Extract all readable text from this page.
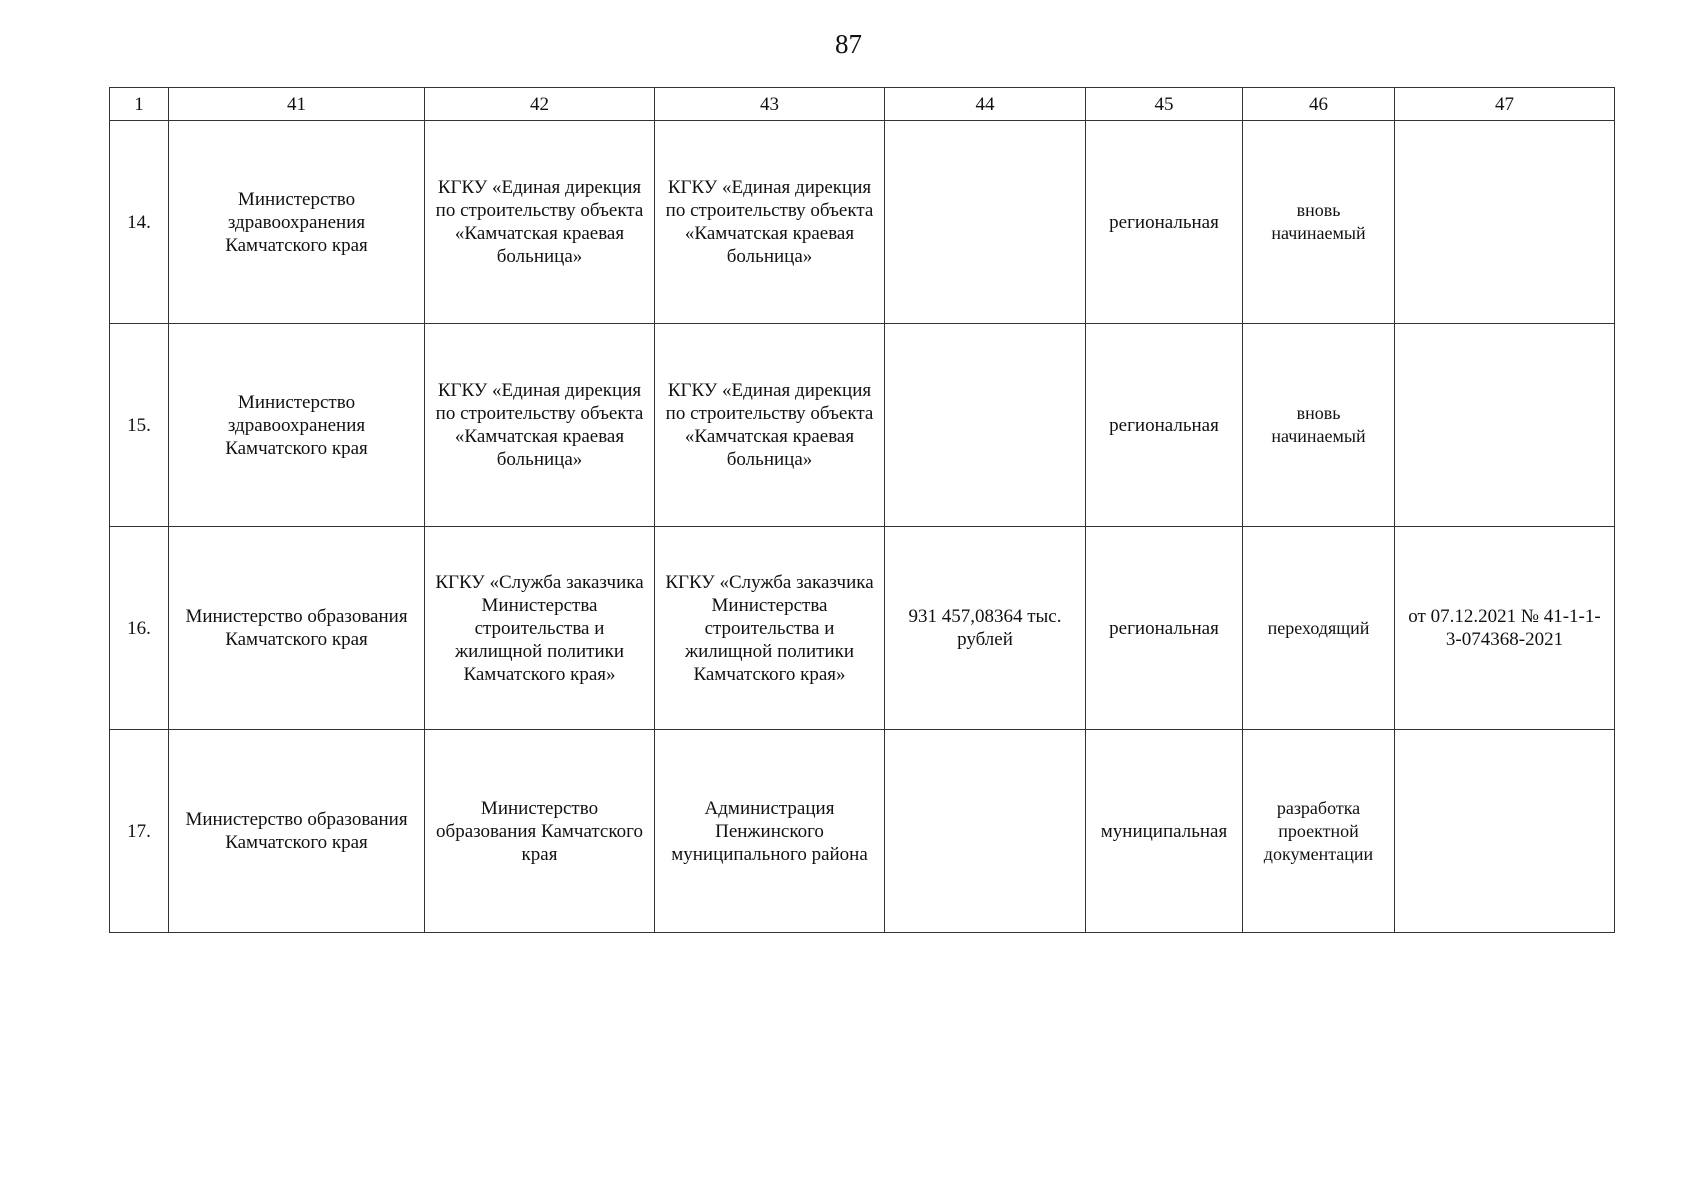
87
1	41	42	43	44	45	46	47
14.	Министерство здравоохранения Камчатского края	КГКУ «Единая дирекция по строительству объекта «Камчатская краевая больница»	КГКУ «Единая дирекция по строительству объекта «Камчатская краевая больница»		региональная	вновь начинаемый	
15.	Министерство здравоохранения Камчатского края	КГКУ «Единая дирекция по строительству объекта «Камчатская краевая больница»	КГКУ «Единая дирекция по строительству объекта «Камчатская краевая больница»		региональная	вновь начинаемый	
16.	Министерство образования Камчатского края	КГКУ «Служба заказчика Министерства строительства и жилищной политики Камчатского края»	КГКУ «Служба заказчика Министерства строительства и жилищной политики Камчатского края»	931 457,08364 тыс. рублей	региональная	переходящий	от 07.12.2021 № 41-1-1-3-074368-2021
17.	Министерство образования Камчатского края	Министерство образования Камчатского края	Администрация Пенжинского муниципального района		муниципальная	разработка проектной документации	
